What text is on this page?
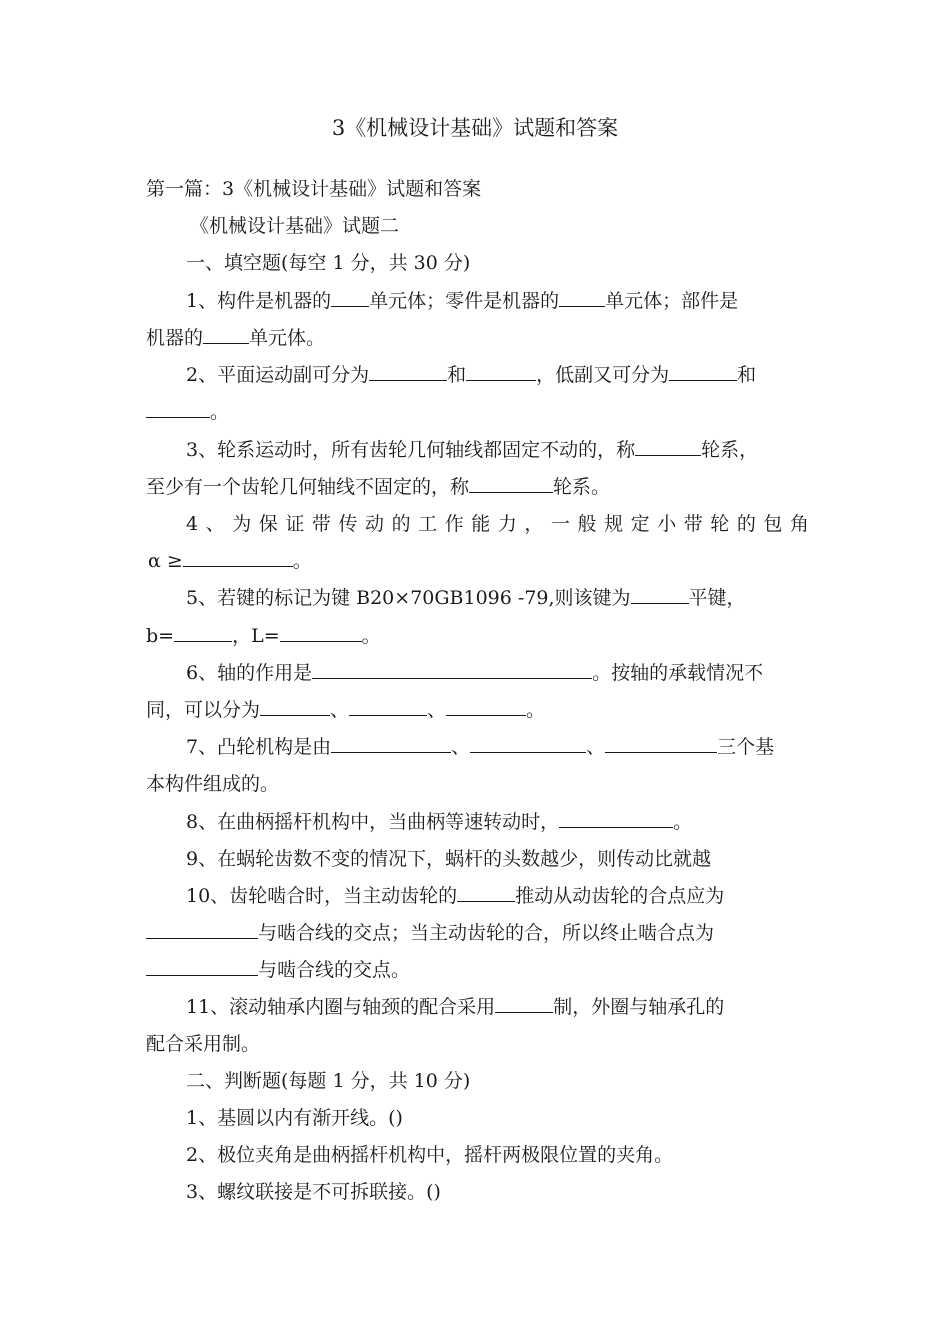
3《机械设计基础》试题和答案
第一篇：3《机械设计基础》试题和答案
《机械设计基础》试题二
一、填空题(每空 1 分，共 30 分)
1、构件是机器的 单元体；零件是机器的 单元体；部件是
机器的 单元体。
2、平面运动副可分为	和	，低副又可分为	和
。
3、轮系运动时，所有齿轮几何轴线都固定不动的，称	轮系，
至少有一个齿轮几何轴线不固定的，称	轮系。
4、为保证带传动的工作能力，一般规定小带轮的包角
α ≥	。
5、若键的标记为键 B20×70GB1096 -79,则该键为	平键，
b=	，L=	。
6、轴的作用是	。按轴的承载情况不
同，可以分为	、	、	。
7、凸轮机构是由	、	、	三个基
本构件组成的。
8、在曲柄摇杆机构中，当曲柄等速转动时，	。
9、在蜗轮齿数不变的情况下，蜗杆的头数越少，则传动比就越
10、齿轮啮合时，当主动齿轮的	推动从动齿轮的合点应为
与啮合线的交点；当主动齿轮的合，所以终止啮合点为
与啮合线的交点。
11、滚动轴承内圈与轴颈的配合采用	制，外圈与轴承孔的
配合采用制。
二、判断题(每题 1 分，共 10 分)
1、基圆以内有渐开线。()
2、极位夹角是曲柄摇杆机构中，摇杆两极限位置的夹角。
3、螺纹联接是不可拆联接。()
